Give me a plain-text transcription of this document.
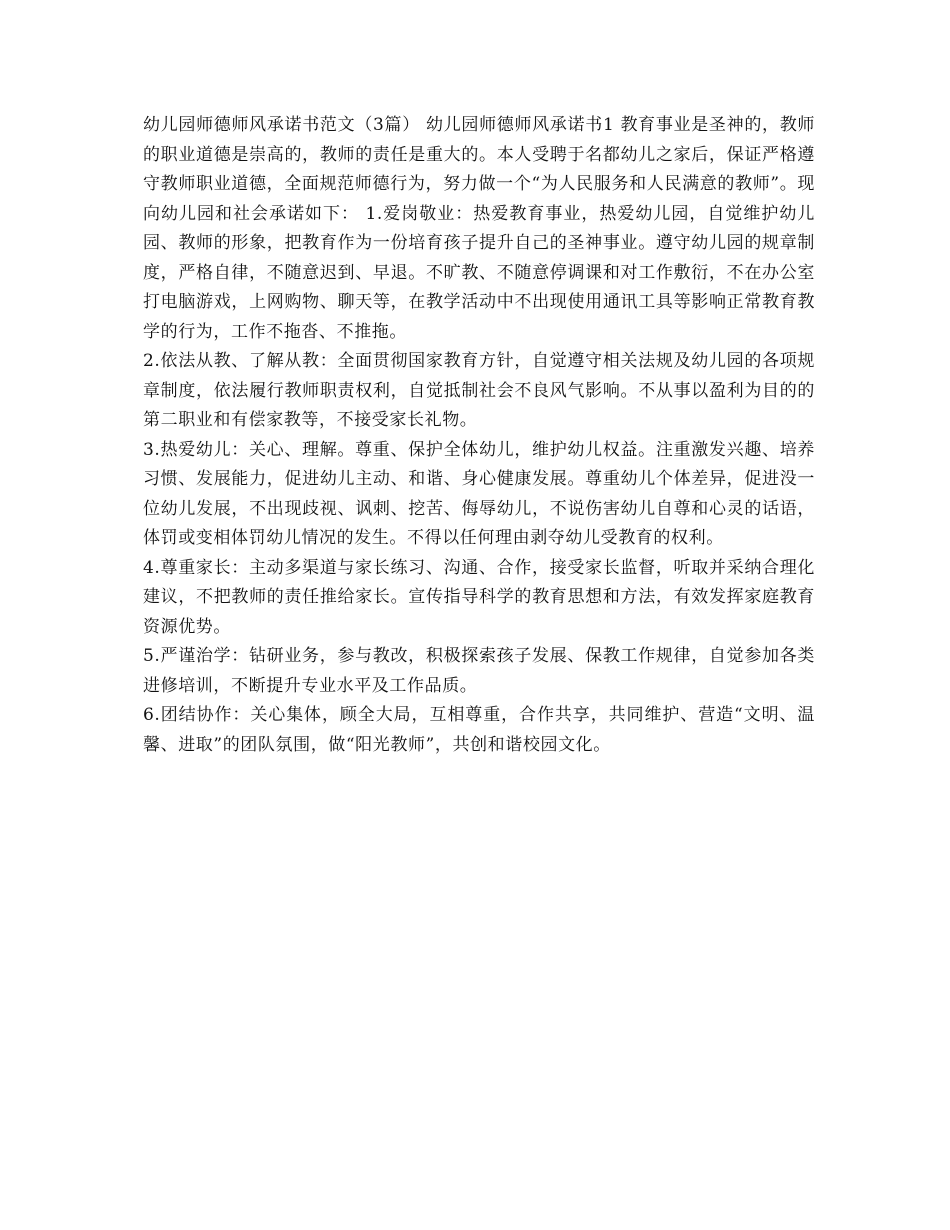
幼儿园师德师风承诺书范文（3篇） 幼儿园师德师风承诺书1 教育事业是圣神的，教师的职业道德是崇高的，教师的责任是重大的。本人受聘于名都幼儿之家后，保证严格遵守教师职业道德，全面规范师德行为，努力做一个“为人民服务和人民满意的教师”。现向幼儿园和社会承诺如下： 1.爱岗敬业：热爱教育事业，热爱幼儿园，自觉维护幼儿园、教师的形象，把教育作为一份培育孩子提升自己的圣神事业。遵守幼儿园的规章制度，严格自律，不随意迟到、早退。不旷教、不随意停调课和对工作敷衍，不在办公室打电脑游戏，上网购物、聊天等，在教学活动中不出现使用通讯工具等影响正常教育教学的行为，工作不拖沓、不推拖。

2.依法从教、了解从教：全面贯彻国家教育方针，自觉遵守相关法规及幼儿园的各项规章制度，依法履行教师职责权利，自觉抵制社会不良风气影响。不从事以盈利为目的的第二职业和有偿家教等，不接受家长礼物。

3.热爱幼儿：关心、理解。尊重、保护全体幼儿，维护幼儿权益。注重激发兴趣、培养习惯、发展能力，促进幼儿主动、和谐、身心健康发展。尊重幼儿个体差异，促进没一位幼儿发展，不出现歧视、讽刺、挖苦、侮辱幼儿，不说伤害幼儿自尊和心灵的话语，体罚或变相体罚幼儿情况的发生。不得以任何理由剥夺幼儿受教育的权利。

4.尊重家长：主动多渠道与家长练习、沟通、合作，接受家长监督，听取并采纳合理化建议，不把教师的责任推给家长。宣传指导科学的教育思想和方法，有效发挥家庭教育资源优势。

5.严谨治学：钻研业务，参与教改，积极探索孩子发展、保教工作规律，自觉参加各类进修培训，不断提升专业水平及工作品质。

6.团结协作：关心集体，顾全大局，互相尊重，合作共享，共同维护、营造“文明、温馨、进取”的团队氛围，做“阳光教师”，共创和谐校园文化。
